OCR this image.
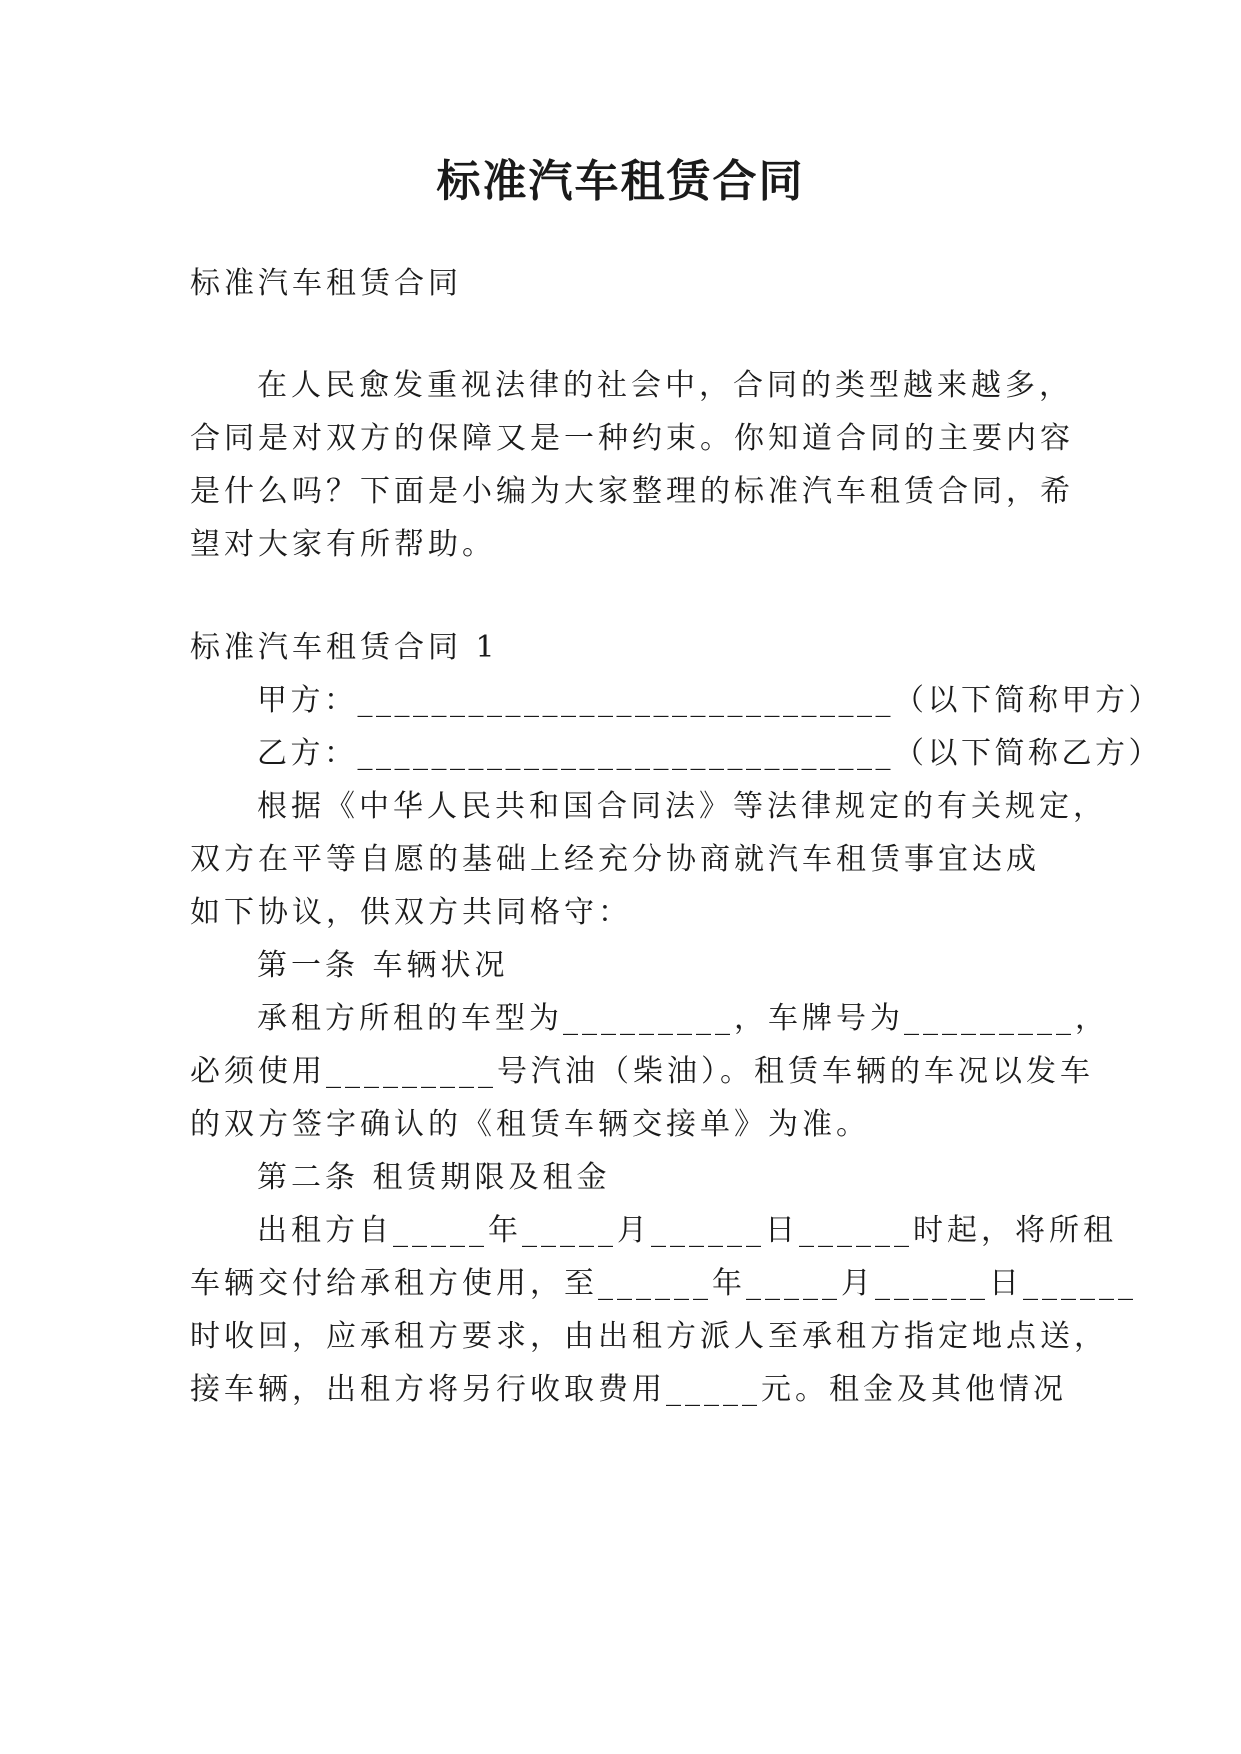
标准汽车租赁合同
标准汽车租赁合同
在人民愈发重视法律的社会中，合同的类型越来越多，
合同是对双方的保障又是一种约束。你知道合同的主要内容
是什么吗？下面是小编为大家整理的标准汽车租赁合同，希
望对大家有所帮助。
标准汽车租赁合同 1
甲方：_____________________________（以下简称甲方）
乙方：_____________________________（以下简称乙方）
根据《中华人民共和国合同法》等法律规定的有关规定，
双方在平等自愿的基础上经充分协商就汽车租赁事宜达成
如下协议，供双方共同格守：
第一条 车辆状况
承租方所租的车型为_________，车牌号为_________，
必须使用_________号汽油（柴油）。租赁车辆的车况以发车
的双方签字确认的《租赁车辆交接单》为准。
第二条 租赁期限及租金
出租方自_____年_____月______日______时起，将所租
车辆交付给承租方使用，至______年_____月______日______
时收回，应承租方要求，由出租方派人至承租方指定地点送，
接车辆，出租方将另行收取费用_____元。租金及其他情况
